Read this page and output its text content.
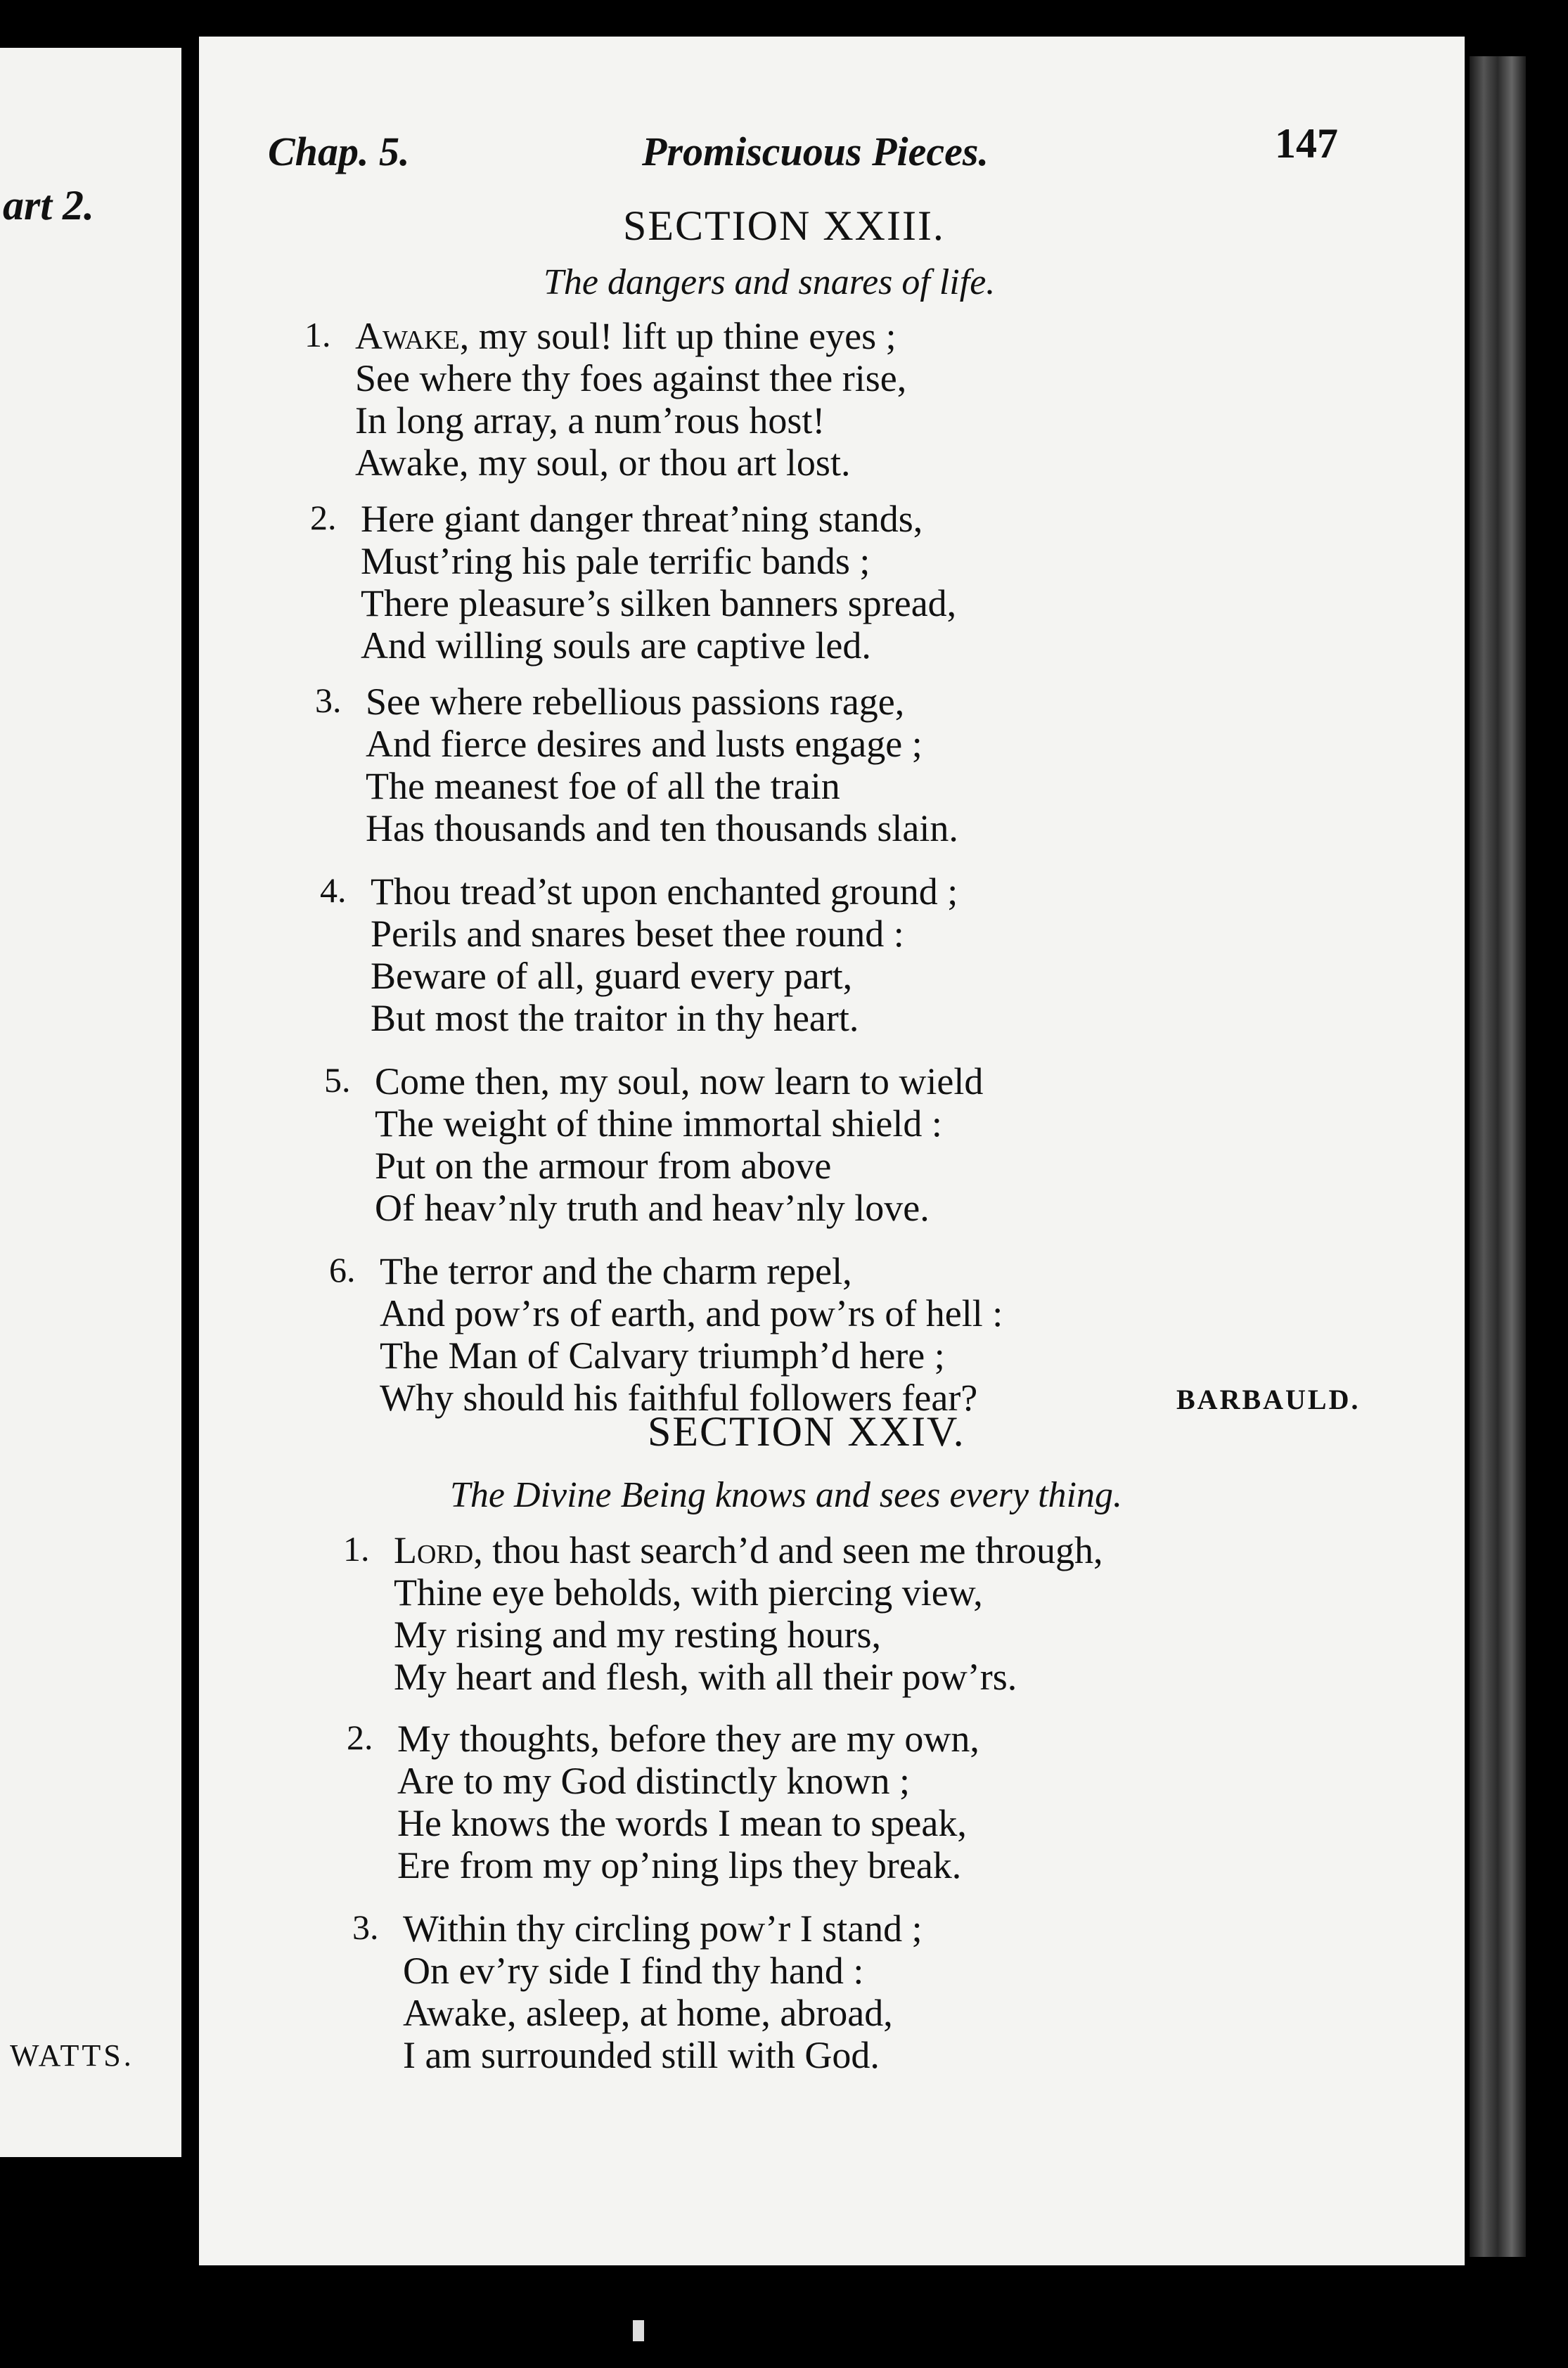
art 2.
WATTS.
Chap. 5.	Promiscuous Pieces.	147
SECTION XXIII.
The dangers and snares of life.
1. Awake, my soul! lift up thine eyes ;
See where thy foes against thee rise,
In long array, a num’rous host!
Awake, my soul, or thou art lost.
2. Here giant danger threat’ning stands,
Must’ring his pale terrific bands ;
There pleasure’s silken banners spread,
And willing souls are captive led.
3. See where rebellious passions rage,
And fierce desires and lusts engage ;
The meanest foe of all the train
Has thousands and ten thousands slain.
4. Thou tread’st upon enchanted ground ;
Perils and snares beset thee round :
Beware of all, guard every part,
But most the traitor in thy heart.
5. Come then, my soul, now learn to wield
The weight of thine immortal shield :
Put on the armour from above
Of heav’nly truth and heav’nly love.
6. The terror and the charm repel,
And pow’rs of earth, and pow’rs of hell :
The Man of Calvary triumph’d here ;
Why should his faithful followers fear?	BARBAULD.
SECTION XXIV.
The Divine Being knows and sees every thing.
1. Lord, thou hast search’d and seen me through,
Thine eye beholds, with piercing view,
My rising and my resting hours,
My heart and flesh, with all their pow’rs.
2. My thoughts, before they are my own,
Are to my God distinctly known ;
He knows the words I mean to speak,
Ere from my op’ning lips they break.
3. Within thy circling pow’r I stand ;
On ev’ry side I find thy hand :
Awake, asleep, at home, abroad,
I am surrounded still with God.
